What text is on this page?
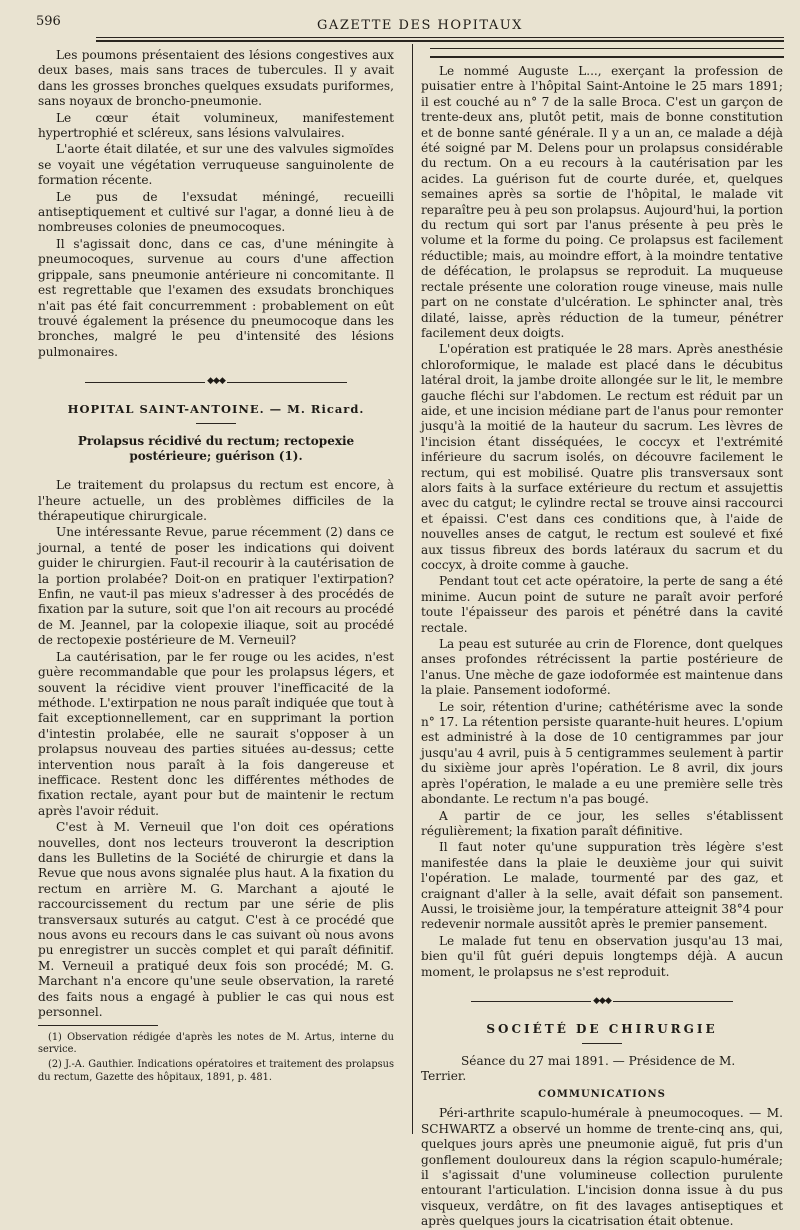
596	GAZETTE DES HOPITAUX

Les poumons présentaient des lésions congestives aux deux bases, mais sans traces de tubercules. Il y avait dans les grosses bronches quelques exsudats puriformes, sans noyaux de broncho-pneumonie.

Le cœur était volumineux, manifestement hypertrophié et scléreux, sans lésions valvulaires.

L'aorte était dilatée, et sur une des valvules sigmoïdes se voyait une végétation verruqueuse sanguinolente de formation récente.

Le pus de l'exsudat méningé, recueilli antiseptiquement et cultivé sur l'agar, a donné lieu à de nombreuses colonies de pneumocoques.

Il s'agissait donc, dans ce cas, d'une méningite à pneumocoques, survenue au cours d'une affection grippale, sans pneumonie antérieure ni concomitante. Il est regrettable que l'examen des exsudats bronchiques n'ait pas été fait concurremment : probablement on eût trouvé également la présence du pneumocoque dans les bronches, malgré le peu d'intensité des lésions pulmonaires.

◆◆◆
HOPITAL SAINT-ANTOINE. — M. Ricard.
Prolapsus récidivé du rectum; rectopexie postérieure; guérison (1).

Le traitement du prolapsus du rectum est encore, à l'heure actuelle, un des problèmes difficiles de la thérapeutique chirurgicale.

Une intéressante Revue, parue récemment (2) dans ce journal, a tenté de poser les indications qui doivent guider le chirurgien. Faut-il recourir à la cautérisation de la portion prolabée? Doit-on en pratiquer l'extirpation? Enfin, ne vaut-il pas mieux s'adresser à des procédés de fixation par la suture, soit que l'on ait recours au procédé de M. Jeannel, par la colopexie iliaque, soit au procédé de rectopexie postérieure de M. Verneuil?

La cautérisation, par le fer rouge ou les acides, n'est guère recommandable que pour les prolapsus légers, et souvent la récidive vient prouver l'inefficacité de la méthode. L'extirpation ne nous paraît indiquée que tout à fait exceptionnellement, car en supprimant la portion d'intestin prolabée, elle ne saurait s'opposer à un prolapsus nouveau des parties situées au-dessus; cette intervention nous paraît à la fois dangereuse et inefficace. Restent donc les différentes méthodes de fixation rectale, ayant pour but de maintenir le rectum après l'avoir réduit.

C'est à M. Verneuil que l'on doit ces opérations nouvelles, dont nos lecteurs trouveront la description dans les Bulletins de la Société de chirurgie et dans la Revue que nous avons signalée plus haut. A la fixation du rectum en arrière M. G. Marchant a ajouté le raccourcissement du rectum par une série de plis transversaux suturés au catgut. C'est à ce procédé que nous avons eu recours dans le cas suivant où nous avons pu enregistrer un succès complet et qui paraît définitif. M. Verneuil a pratiqué deux fois son procédé; M. G. Marchant n'a encore qu'une seule observation, la rareté des faits nous a engagé à publier le cas qui nous est personnel.

(1) Observation rédigée d'après les notes de M. Artus, interne du service.

(2) J.-A. Gauthier. Indications opératoires et traitement des prolapsus du rectum, Gazette des hôpitaux, 1891, p. 481.

Le nommé Auguste L..., exerçant la profession de puisatier entre à l'hôpital Saint-Antoine le 25 mars 1891; il est couché au n° 7 de la salle Broca. C'est un garçon de trente-deux ans, plutôt petit, mais de bonne constitution et de bonne santé générale. Il y a un an, ce malade a déjà été soigné par M. Delens pour un prolapsus considérable du rectum. On a eu recours à la cautérisation par les acides. La guérison fut de courte durée, et, quelques semaines après sa sortie de l'hôpital, le malade vit reparaître peu à peu son prolapsus. Aujourd'hui, la portion du rectum qui sort par l'anus présente à peu près le volume et la forme du poing. Ce prolapsus est facilement réductible; mais, au moindre effort, à la moindre tentative de défécation, le prolapsus se reproduit. La muqueuse rectale présente une coloration rouge vineuse, mais nulle part on ne constate d'ulcération. Le sphincter anal, très dilaté, laisse, après réduction de la tumeur, pénétrer facilement deux doigts.

L'opération est pratiquée le 28 mars. Après anesthésie chloroformique, le malade est placé dans le décubitus latéral droit, la jambe droite allongée sur le lit, le membre gauche fléchi sur l'abdomen. Le rectum est réduit par un aide, et une incision médiane part de l'anus pour remonter jusqu'à la moitié de la hauteur du sacrum. Les lèvres de l'incision étant disséquées, le coccyx et l'extrémité inférieure du sacrum isolés, on découvre facilement le rectum, qui est mobilisé. Quatre plis transversaux sont alors faits à la surface extérieure du rectum et assujettis avec du catgut; le cylindre rectal se trouve ainsi raccourci et épaissi. C'est dans ces conditions que, à l'aide de nouvelles anses de catgut, le rectum est soulevé et fixé aux tissus fibreux des bords latéraux du sacrum et du coccyx, à droite comme à gauche.

Pendant tout cet acte opératoire, la perte de sang a été minime. Aucun point de suture ne paraît avoir perforé toute l'épaisseur des parois et pénétré dans la cavité rectale.

La peau est suturée au crin de Florence, dont quelques anses profondes rétrécissent la partie postérieure de l'anus. Une mèche de gaze iodoformée est maintenue dans la plaie. Pansement iodoformé.

Le soir, rétention d'urine; cathétérisme avec la sonde n° 17. La rétention persiste quarante-huit heures. L'opium est administré à la dose de 10 centigrammes par jour jusqu'au 4 avril, puis à 5 centigrammes seulement à partir du sixième jour après l'opération. Le 8 avril, dix jours après l'opération, le malade a eu une première selle très abondante. Le rectum n'a pas bougé.

A partir de ce jour, les selles s'établissent régulièrement; la fixation paraît définitive.

Il faut noter qu'une suppuration très légère s'est manifestée dans la plaie le deuxième jour qui suivit l'opération. Le malade, tourmenté par des gaz, et craignant d'aller à la selle, avait défait son pansement. Aussi, le troisième jour, la température atteignit 38°4 pour redevenir normale aussitôt après le premier pansement.

Le malade fut tenu en observation jusqu'au 13 mai, bien qu'il fût guéri depuis longtemps déjà. A aucun moment, le prolapsus ne s'est reproduit.

◆◆◆
SOCIÉTÉ DE CHIRURGIE
Séance du 27 mai 1891. — Présidence de M. Terrier.
COMMUNICATIONS

Péri-arthrite scapulo-humérale à pneumocoques. — M. SCHWARTZ a observé un homme de trente-cinq ans, qui, quelques jours après une pneumonie aiguë, fut pris d'un gonflement douloureux dans la région scapulo-humérale; il s'agissait d'une volumineuse collection purulente entourant l'articulation. L'incision donna issue à du pus visqueux, verdâtre, on fit des lavages antiseptiques et après quelques jours la cicatrisation était obtenue.
